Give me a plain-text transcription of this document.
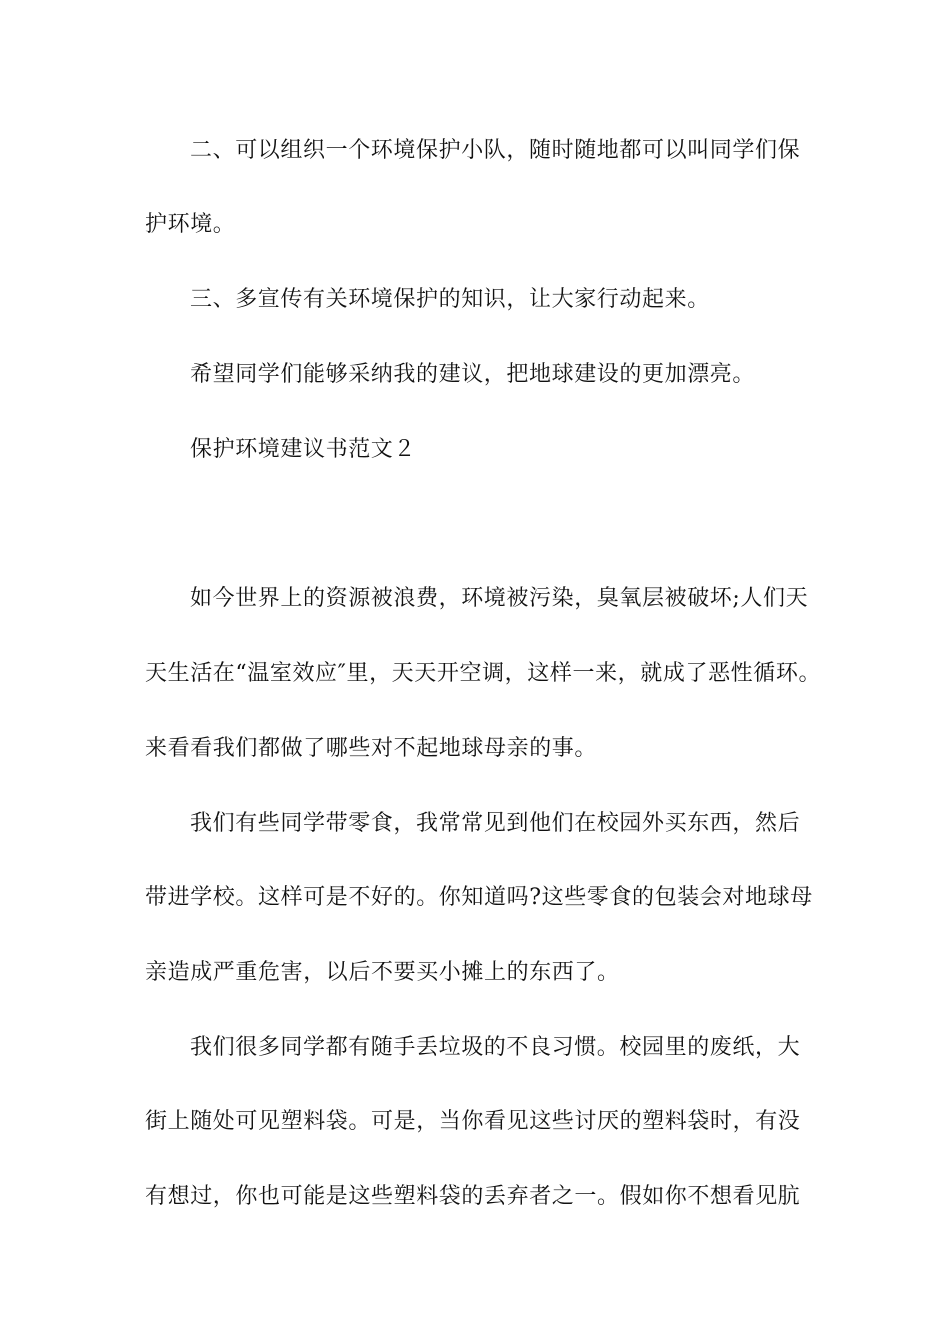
二、可以组织一个环境保护小队，随时随地都可以叫同学们保
护环境。
三、多宣传有关环境保护的知识，让大家行动起来。
希望同学们能够采纳我的建议，把地球建设的更加漂亮。
保护环境建议书范文２
如今世界上的资源被浪费，环境被污染，臭氧层被破坏;人们天
天生活在“温室效应″里，天天开空调，这样一来，就成了恶性循环。
来看看我们都做了哪些对不起地球母亲的事。
我们有些同学带零食，我常常见到他们在校园外买东西，然后
带进学校。这样可是不好的。你知道吗?这些零食的包装会对地球母
亲造成严重危害，以后不要买小摊上的东西了。
我们很多同学都有随手丢垃圾的不良习惯。校园里的废纸，大
街上随处可见塑料袋。可是，当你看见这些讨厌的塑料袋时，有没
有想过，你也可能是这些塑料袋的丢弃者之一。假如你不想看见肮
